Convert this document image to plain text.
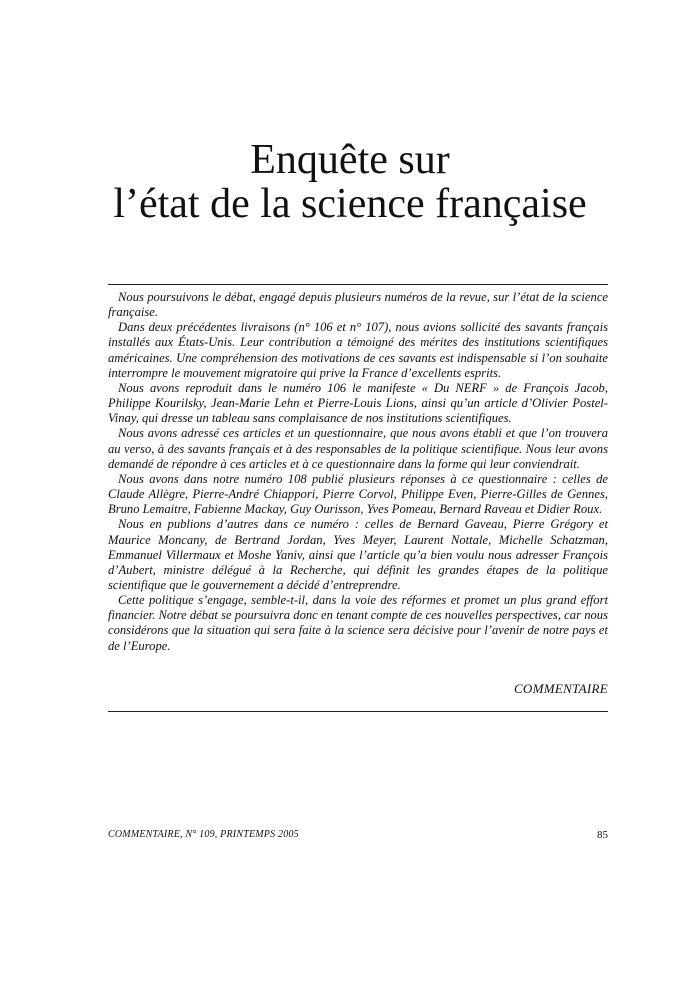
Enquête sur
l’état de la science française

Nous poursuivons le débat, engagé depuis plusieurs numéros de la revue, sur l’état de la science française.

Dans deux précédentes livraisons (n° 106 et n° 107), nous avions sollicité des savants français installés aux États-Unis. Leur contribution a témoigné des mérites des institutions scientifiques américaines. Une compréhension des motivations de ces savants est indispensable si l’on souhaite interrompre le mouvement migratoire qui prive la France d’excellents esprits.

Nous avons reproduit dans le numéro 106 le manifeste « Du NERF » de François Jacob, Philippe Kourilsky, Jean-Marie Lehn et Pierre-Louis Lions, ainsi qu’un article d’Olivier Postel-Vinay, qui dresse un tableau sans complaisance de nos institutions scientifiques.

Nous avons adressé ces articles et un questionnaire, que nous avons établi et que l’on trouvera au verso, à des savants français et à des responsables de la politique scientifique. Nous leur avons demandé de répondre à ces articles et à ce questionnaire dans la forme qui leur conviendrait.

Nous avons dans notre numéro 108 publié plusieurs réponses à ce questionnaire : celles de Claude Allègre, Pierre-André Chiappori, Pierre Corvol, Philippe Even, Pierre-Gilles de Gennes, Bruno Lemaitre, Fabienne Mackay, Guy Ourisson, Yves Pomeau, Bernard Raveau et Didier Roux.

Nous en publions d’autres dans ce numéro : celles de Bernard Gaveau, Pierre Grégory et Maurice Moncany, de Bertrand Jordan, Yves Meyer, Laurent Nottale, Michelle Schatzman, Emmanuel Villermaux et Moshe Yaniv, ainsi que l’article qu’a bien voulu nous adresser François d’Aubert, ministre délégué à la Recherche, qui définit les grandes étapes de la politique scientifique que le gouvernement a décidé d’entreprendre.

Cette politique s’engage, semble-t-il, dans la voie des réformes et promet un plus grand effort financier. Notre débat se poursuivra donc en tenant compte de ces nouvelles perspectives, car nous considérons que la situation qui sera faite à la science sera décisive pour l’avenir de notre pays et de l’Europe.

COMMENTAIRE
COMMENTAIRE, N° 109, PRINTEMPS 2005	85
